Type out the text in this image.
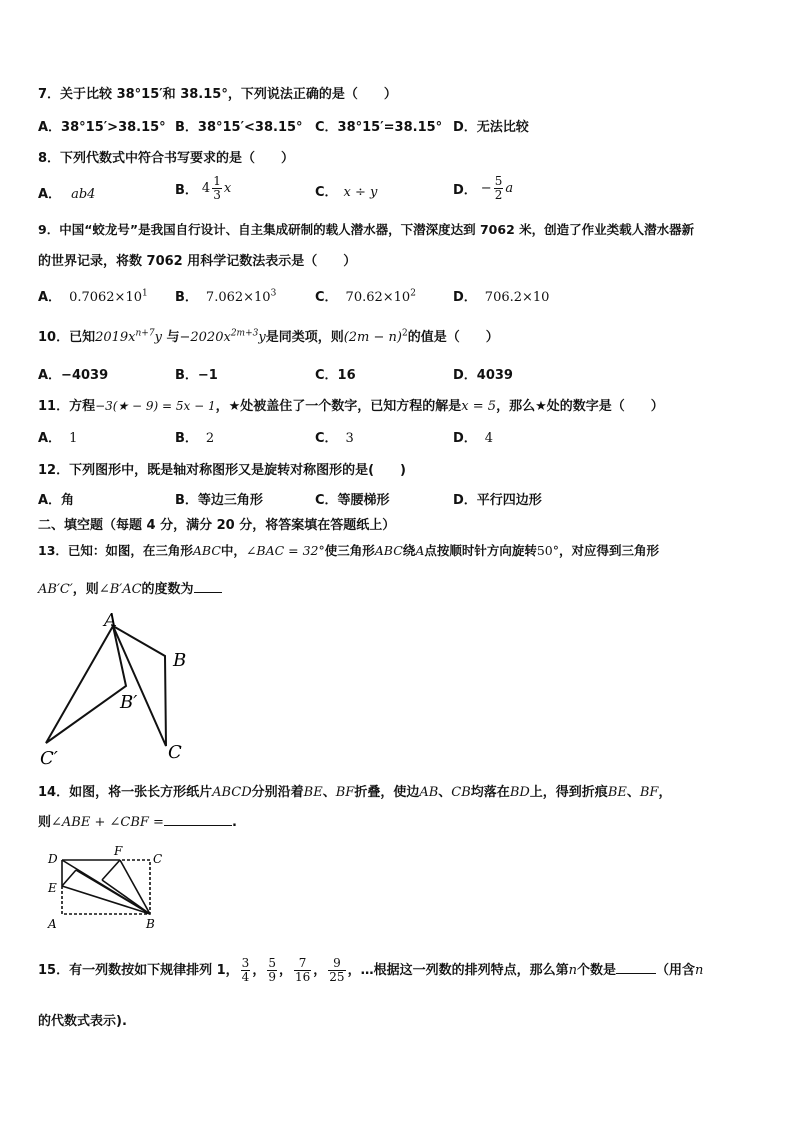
7．关于比较 38°15′和 38.15°，下列说法正确的是（　　）
A．38°15′>38.15° B．38°15′<38.15° C．38°15′=38.15° D．无法比较
8．下列代数式中符合书写要求的是（　　）
A． ab4	B． $4 \frac{1}{3}$ x	C． x ÷ y	D． − $\frac{5}{2}$ a
9．中国“蛟龙号”是我国自行设计、自主集成研制的载人潜水器，下潜深度达到 7062 米，创造了作业类载人潜水器新
的世界记录，将数 7062 用科学记数法表示是（　　）
A． $0.7062\times 10^1$ B． $7.062\times 10^3$	C． $70.62\times 10^2$	D． 706.2×10
10．已知$2019x^{n+7}y$ 与$-2020x^{2m+3}y$是同类项，则$(2m - n)^2$的值是（　　）
A．−4039	B．−1	C．16	D．4039
11．方程−3(★ − 9) = 5x − 1，★处被盖住了一个数字，已知方程的解是x = 5，那么★处的数字是（　　）
A． 1	B． 2	C． 3	D． 4
12．下列图形中，既是轴对称图形又是旋转对称图形的是(　　)
A．角	B．等边三角形	C．等腰梯形	D．平行四边形
二、填空题（每题 4 分，满分 20 分，将答案填在答题纸上）
13．已知：如图，在三角形ABC中，∠BAC = 32°使三角形ABC绕A点按顺时针方向旋转50°，对应得到三角形
AB′C′，则∠B′AC的度数为
A
B
B′
C
C′
14．如图，将一张长方形纸片ABCD分别沿着BE、BF折叠，使边AB、CB均落在BD上，得到折痕BE、BF，
则∠ABE + ∠CBF =	.
D
F
C
E
A	B
15．有一列数按如下规律排列 1， $\frac{3}{4}$ ， $\frac{5}{9}$ ， $\frac{7}{16}$ ， $\frac{9}{25}$ ，…根据这一列数的排列特点，那么第n个数是	（用含n
的代数式表示).
